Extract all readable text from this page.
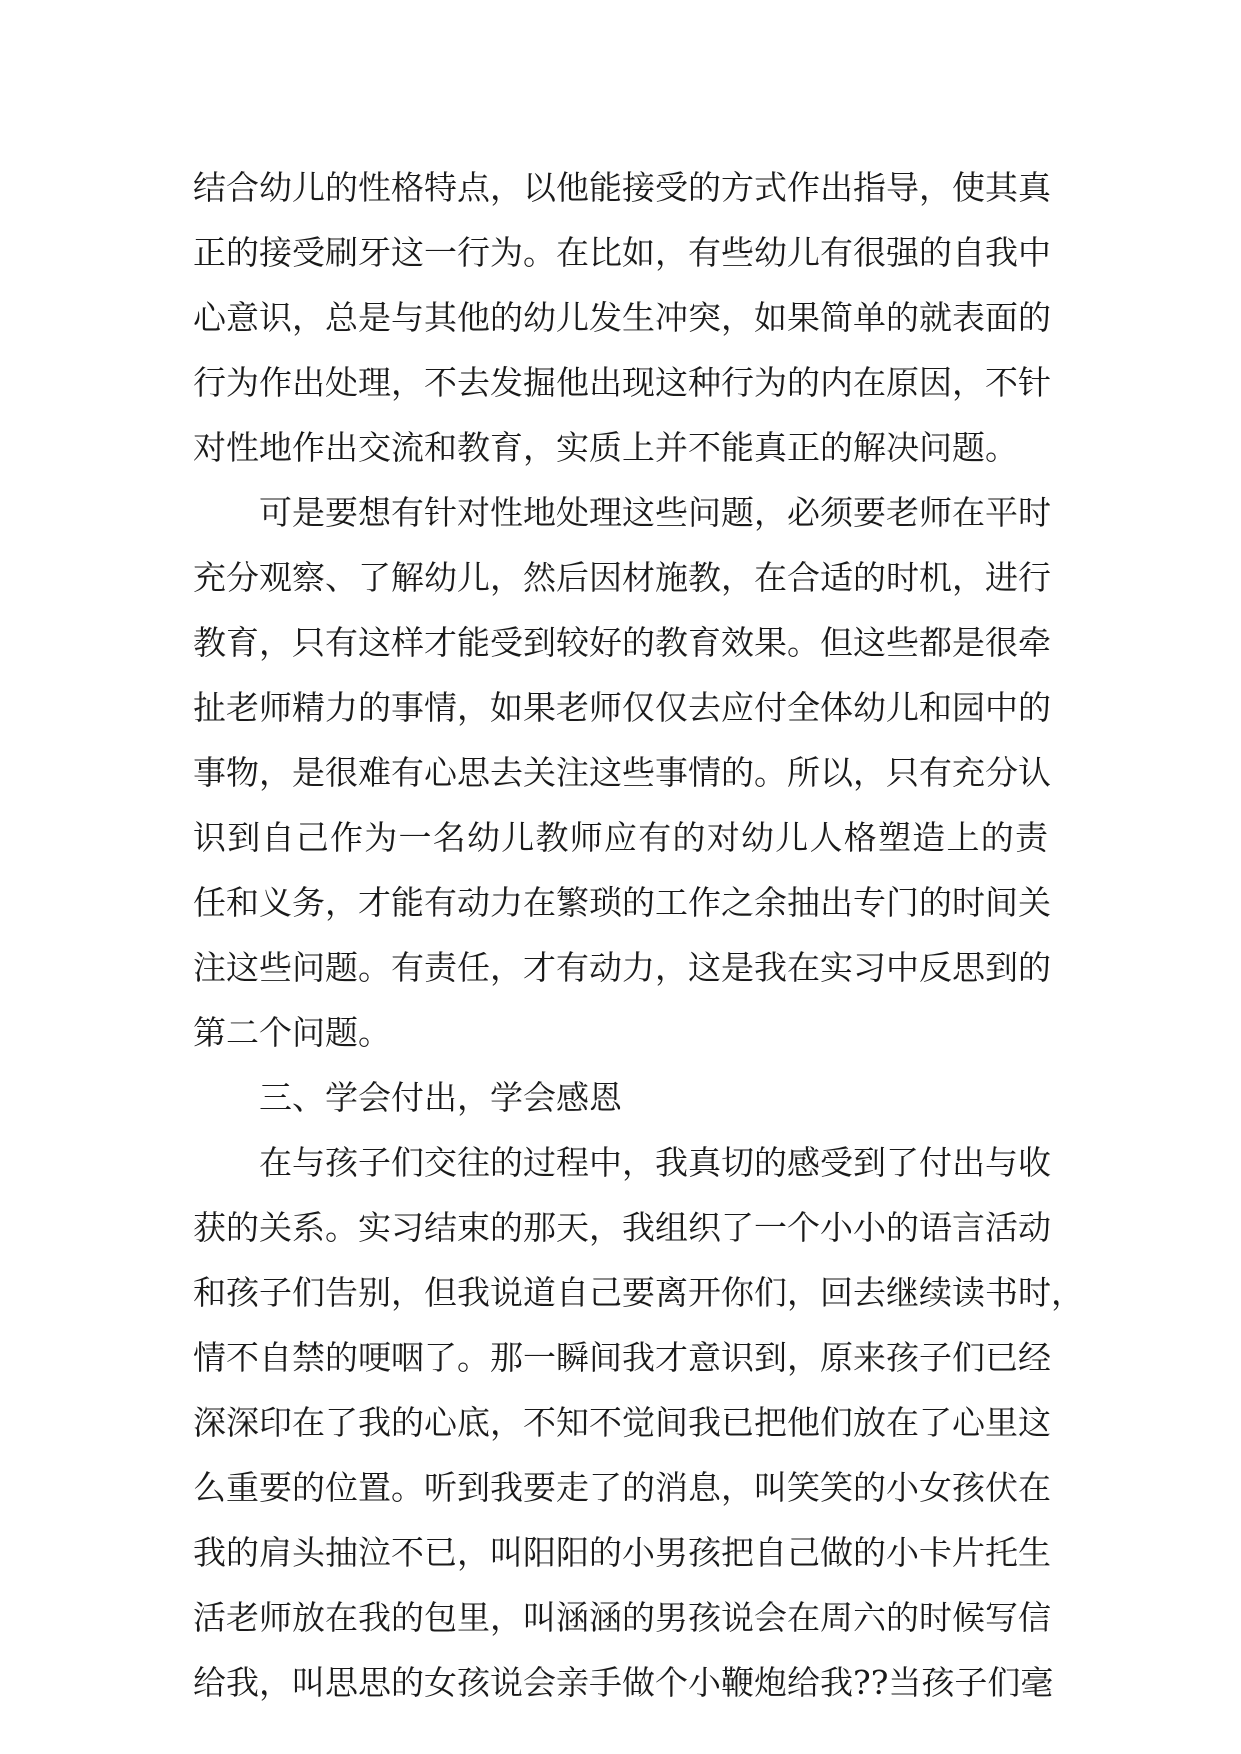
结 合 幼 儿 的 性 格 特 点 ， 以 他 能 接 受 的 方 式 作 出 指 导 ， 使 其 真
正 的 接 受 刷 牙 这 一 行 为 。 在 比 如 ， 有 些 幼 儿 有 很 强 的 自 我 中
心 意 识 ， 总 是 与 其 他 的 幼 儿 发 生 冲 突 ， 如 果 简 单 的 就 表 面 的
行 为 作 出 处 理 ， 不 去 发 掘 他 出 现 这 种 行 为 的 内 在 原 因 ， 不 针
对性地作出交流和教育，实质上并不能真正的解决问题。
可 是 要 想 有 针 对 性 地 处 理 这 些 问 题 ， 必 须 要 老 师 在 平 时
充 分 观 察 、 了 解 幼 儿 ， 然 后 因 材 施 教 ， 在 合 适 的 时 机 ， 进 行
教 育 ， 只 有 这 样 才 能 受 到 较 好 的 教 育 效 果 。 但 这 些 都 是 很 牵
扯 老 师 精 力 的 事 情 ， 如 果 老 师 仅 仅 去 应 付 全 体 幼 儿 和 园 中 的
事 物 ， 是 很 难 有 心 思 去 关 注 这 些 事 情 的 。 所 以 ， 只 有 充 分 认
识 到 自 己 作 为 一 名 幼 儿 教 师 应 有 的 对 幼 儿 人 格 塑 造 上 的 责
任 和 义 务 ， 才 能 有 动 力 在 繁 琐 的 工 作 之 余 抽 出 专 门 的 时 间 关
注 这 些 问 题 。 有 责 任 ， 才 有 动 力 ， 这 是 我 在 实 习 中 反 思 到 的
第二个问题。
三、学会付出，学会感恩
在 与 孩 子 们 交 往 的 过 程 中 ， 我 真 切 的 感 受 到 了 付 出 与 收
获 的 关 系 。 实 习 结 束 的 那 天 ， 我 组 织 了 一 个 小 小 的 语 言 活 动
和 孩 子 们 告 别 ， 但 我 说 道 自 己 要 离 开 你 们 ， 回 去 继 续 读 书 时 ，
情 不 自 禁 的 哽 咽 了 。 那 一 瞬 间 我 才 意 识 到 ， 原 来 孩 子 们 已 经
深 深 印 在 了 我 的 心 底 ， 不 知 不 觉 间 我 已 把 他 们 放 在 了 心 里 这
么 重 要 的 位 置 。 听 到 我 要 走 了 的 消 息 ， 叫 笑 笑 的 小 女 孩 伏 在
我 的 肩 头 抽 泣 不 已 ， 叫 阳 阳 的 小 男 孩 把 自 己 做 的 小 卡 片 托 生
活 老 师 放 在 我 的 包 里 ， 叫 涵 涵 的 男 孩 说 会 在 周 六 的 时 候 写 信
给 我 ， 叫 思 思 的 女 孩 说 会 亲 手 做 个 小 鞭 炮 给 我 ? ? 当 孩 子 们 毫
